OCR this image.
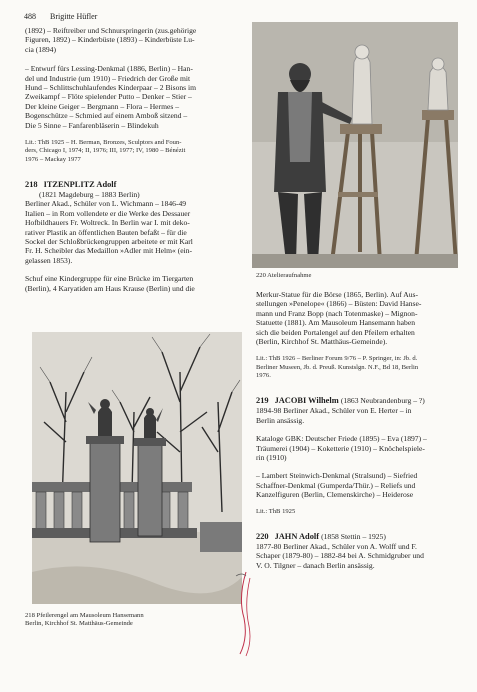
488 Brigitte Hüfler

(1892) – Reiftreiber und Schnurspringerin (zus.gehörige

Figuren, 1892) – Kinderbüste (1893) – Kinderbüste Lu-

cia (1894)

– Entwurf fürs Lessing-Denkmal (1886, Berlin) – Han-

del und Industrie (um 1910) – Friedrich der Große mit

Hund – Schlittschuhlaufendes Kinderpaar – 2 Bisons im

Zweikampf – Flöte spielender Putto – Denker – Stier –

Der kleine Geiger – Bergmann – Flora – Hermes –

Bogenschütze – Schmied auf einem Amboß sitzend –

Die 5 Sinne – Fanfarenbläserin – Blindekuh

Lit.: ThB 1925 – H. Berman, Bronzes, Sculptors and Foun-

ders, Chicago I, 1974; II, 1976; III, 1977; IV, 1980 – Bénézit

1976 – Mackay 1977

218 ITZENPLITZ Adolf

(1821 Magdeburg – 1883 Berlin)

Berliner Akad., Schüler von L. Wichmann – 1846-49

Italien – in Rom vollendete er die Werke des Dessauer

Hofbildhauers Fr. Woltreck. In Berlin war I. mit deko-

rativer Plastik an öffentlichen Bauten befaßt – für die

Sockel der Schloßbrückengruppen arbeitete er mit Karl

Fr. H. Scheibler das Medaillon »Adler mit Helm« (ein-

gelassen 1853).

Schuf eine Kindergruppe für eine Brücke im Tiergarten

(Berlin), 4 Karyatiden am Haus Krause (Berlin) und die

218 Pfeilerengel am Mausoleum Hansemann

Berlin, Kirchhof St. Matthäus-Gemeinde

220 Atelieraufnahme

Merkur-Statue für die Börse (1865, Berlin). Auf Aus-

stellungen »Penelope« (1866) – Büsten: David Hanse-

mann und Franz Bopp (nach Totenmaske) – Mignon-

Statuette (1881). Am Mausoleum Hansemann haben

sich die beiden Portalengel auf den Pfeilern erhalten

(Berlin, Kirchhof St. Matthäus-Gemeinde).

Lit.: ThB 1926 – Berliner Forum 9/76 – P. Springer, in: Jb. d.

Berliner Museen, Jb. d. Preuß. Kunstslgn. N.F., Bd 18, Berlin

1976.

219 JACOBI Wilhelm (1863 Neubrandenburg – ?)

1894-98 Berliner Akad., Schüler von E. Herter – in

Berlin ansässig.

Kataloge GBK: Deutscher Friede (1895) – Eva (1897) –

Träumerei (1904) – Koketterie (1910) – Knöchelspiele-

rin (1910)

– Lambert Steinwich-Denkmal (Stralsund) – Siefried

Schaffner-Denkmal (Gumperda/Thür.) – Reliefs und

Kanzelfiguren (Berlin, Clemenskirche) – Heiderose

Lit.: ThB 1925

220 JAHN Adolf (1858 Stettin – 1925)

1877-80 Berliner Akad., Schüler von A. Wolff und F.

Schaper (1879-80) – 1882-84 bei A. Schmidgruber und

V. O. Tilgner – danach Berlin ansässig.
